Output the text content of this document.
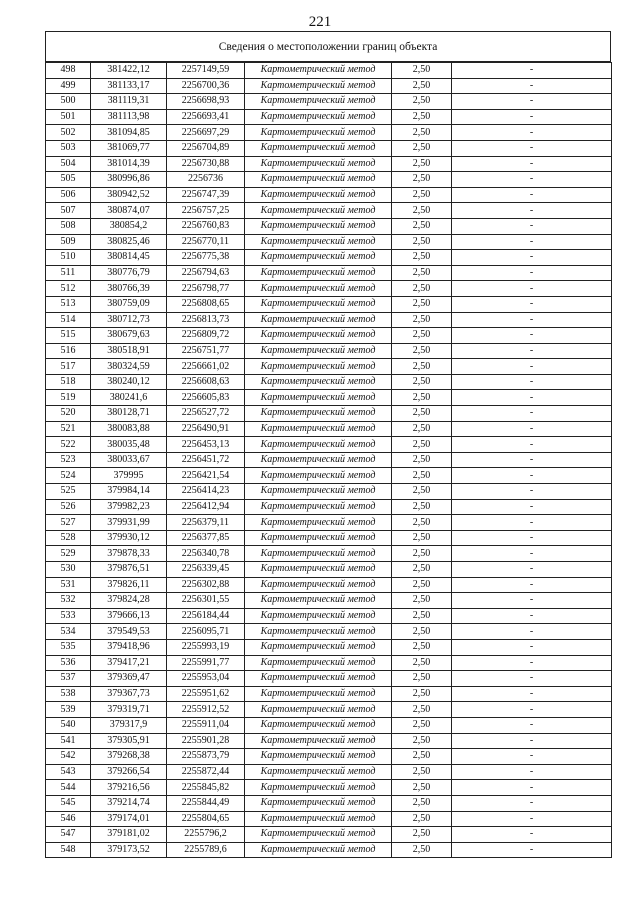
221
Сведения о местоположении границ объекта
498	381422,12	2257149,59	Картометрический метод	2,50	-
499	381133,17	2256700,36	Картометрический метод	2,50	-
500	381119,31	2256698,93	Картометрический метод	2,50	-
501	381113,98	2256693,41	Картометрический метод	2,50	-
502	381094,85	2256697,29	Картометрический метод	2,50	-
503	381069,77	2256704,89	Картометрический метод	2,50	-
504	381014,39	2256730,88	Картометрический метод	2,50	-
505	380996,86	2256736	Картометрический метод	2,50	-
506	380942,52	2256747,39	Картометрический метод	2,50	-
507	380874,07	2256757,25	Картометрический метод	2,50	-
508	380854,2	2256760,83	Картометрический метод	2,50	-
509	380825,46	2256770,11	Картометрический метод	2,50	-
510	380814,45	2256775,38	Картометрический метод	2,50	-
511	380776,79	2256794,63	Картометрический метод	2,50	-
512	380766,39	2256798,77	Картометрический метод	2,50	-
513	380759,09	2256808,65	Картометрический метод	2,50	-
514	380712,73	2256813,73	Картометрический метод	2,50	-
515	380679,63	2256809,72	Картометрический метод	2,50	-
516	380518,91	2256751,77	Картометрический метод	2,50	-
517	380324,59	2256661,02	Картометрический метод	2,50	-
518	380240,12	2256608,63	Картометрический метод	2,50	-
519	380241,6	2256605,83	Картометрический метод	2,50	-
520	380128,71	2256527,72	Картометрический метод	2,50	-
521	380083,88	2256490,91	Картометрический метод	2,50	-
522	380035,48	2256453,13	Картометрический метод	2,50	-
523	380033,67	2256451,72	Картометрический метод	2,50	-
524	379995	2256421,54	Картометрический метод	2,50	-
525	379984,14	2256414,23	Картометрический метод	2,50	-
526	379982,23	2256412,94	Картометрический метод	2,50	-
527	379931,99	2256379,11	Картометрический метод	2,50	-
528	379930,12	2256377,85	Картометрический метод	2,50	-
529	379878,33	2256340,78	Картометрический метод	2,50	-
530	379876,51	2256339,45	Картометрический метод	2,50	-
531	379826,11	2256302,88	Картометрический метод	2,50	-
532	379824,28	2256301,55	Картометрический метод	2,50	-
533	379666,13	2256184,44	Картометрический метод	2,50	-
534	379549,53	2256095,71	Картометрический метод	2,50	-
535	379418,96	2255993,19	Картометрический метод	2,50	-
536	379417,21	2255991,77	Картометрический метод	2,50	-
537	379369,47	2255953,04	Картометрический метод	2,50	-
538	379367,73	2255951,62	Картометрический метод	2,50	-
539	379319,71	2255912,52	Картометрический метод	2,50	-
540	379317,9	2255911,04	Картометрический метод	2,50	-
541	379305,91	2255901,28	Картометрический метод	2,50	-
542	379268,38	2255873,79	Картометрический метод	2,50	-
543	379266,54	2255872,44	Картометрический метод	2,50	-
544	379216,56	2255845,82	Картометрический метод	2,50	-
545	379214,74	2255844,49	Картометрический метод	2,50	-
546	379174,01	2255804,65	Картометрический метод	2,50	-
547	379181,02	2255796,2	Картометрический метод	2,50	-
548	379173,52	2255789,6	Картометрический метод	2,50	-
